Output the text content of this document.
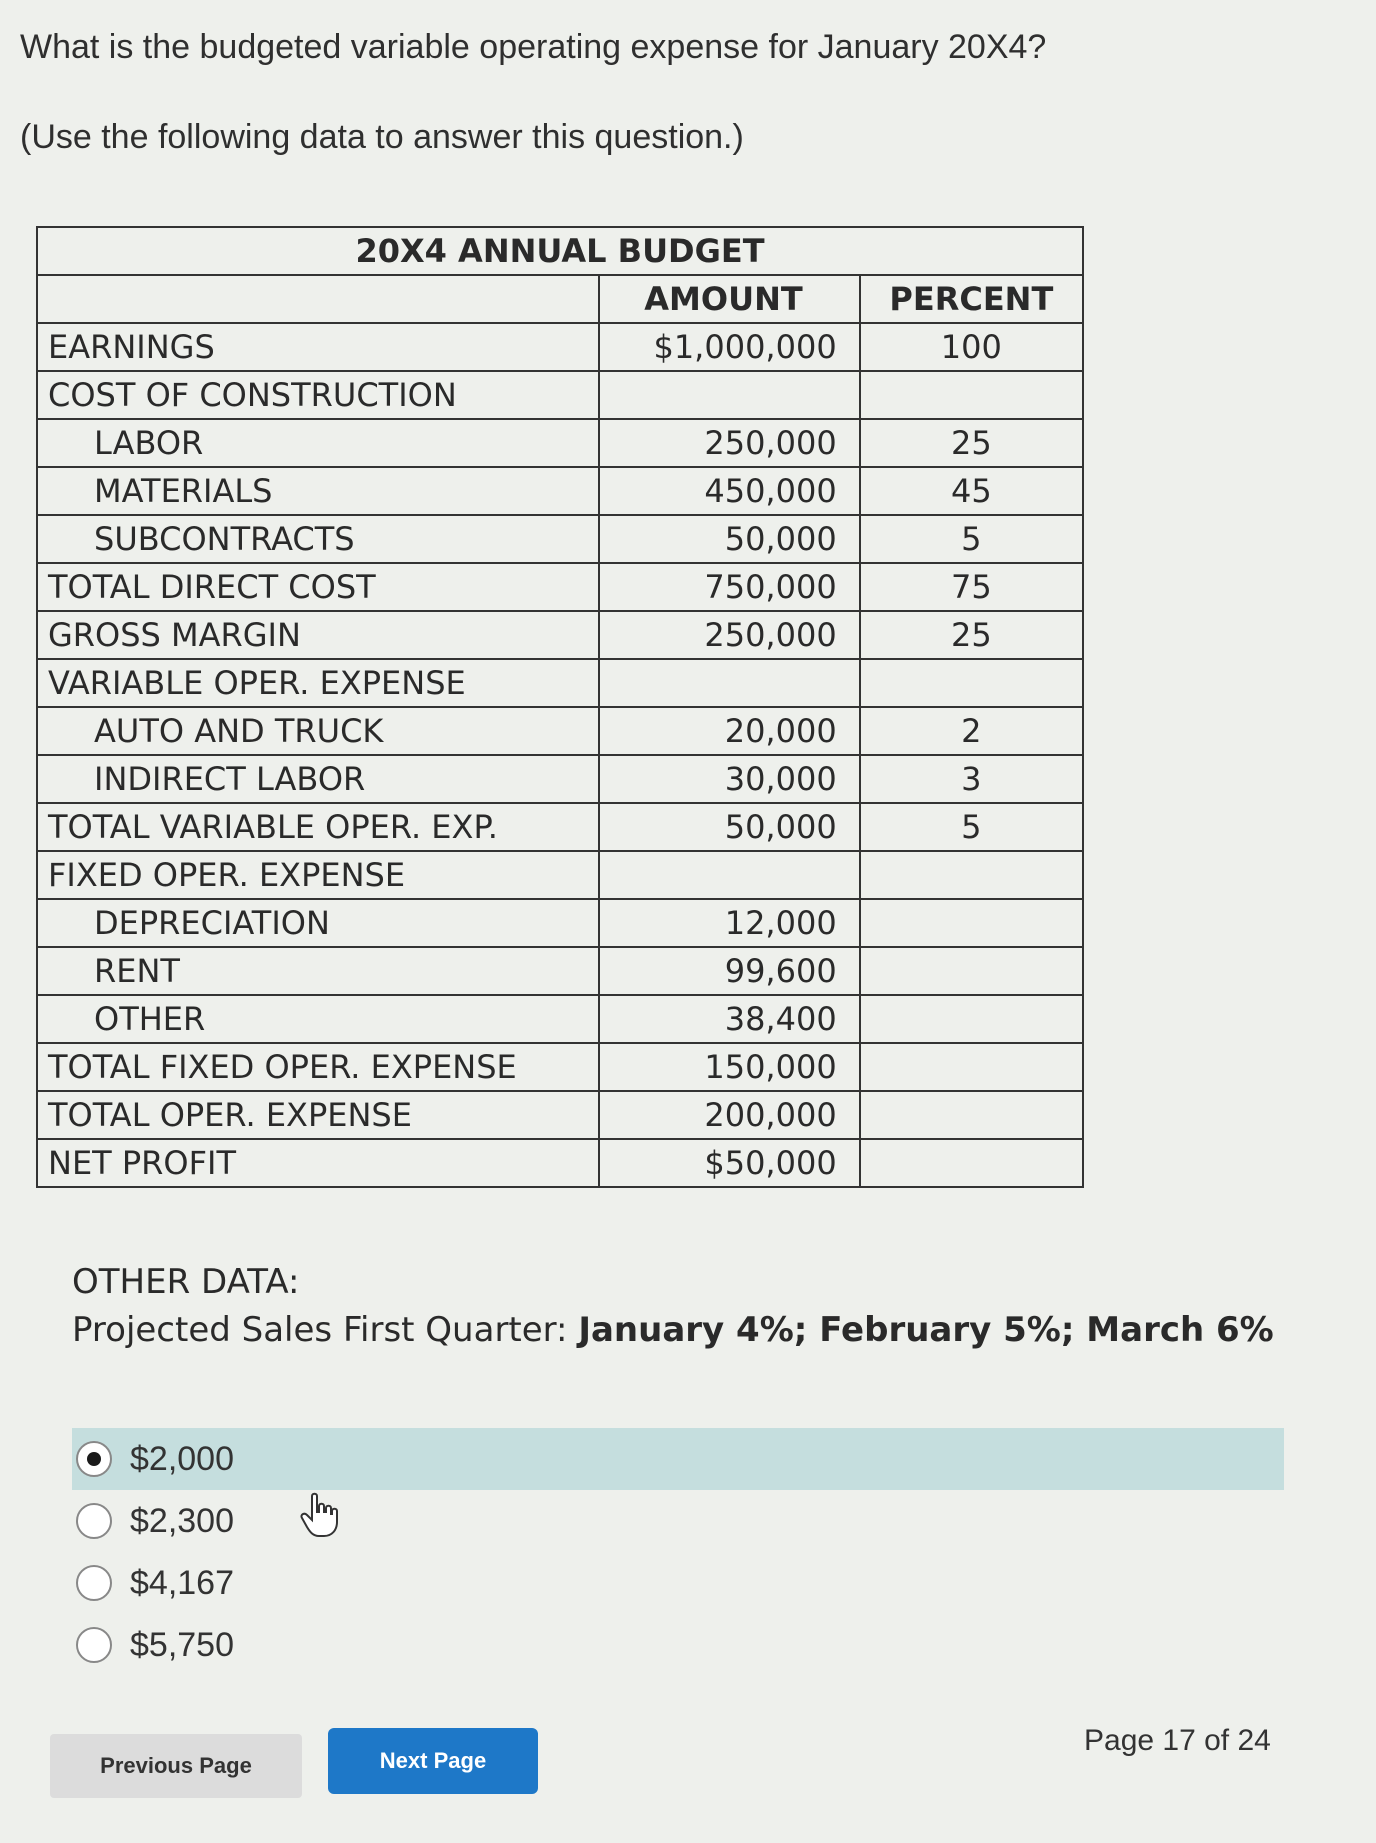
What is the budgeted variable operating expense for January 20X4?
(Use the following data to answer this question.)
20X4 ANNUAL BUDGET		
	AMOUNT	PERCENT
EARNINGS	$1,000,000	100
COST OF CONSTRUCTION		
LABOR	250,000	25
MATERIALS	450,000	45
SUBCONTRACTS	50,000	5
TOTAL DIRECT COST	750,000	75
GROSS MARGIN	250,000	25
VARIABLE OPER. EXPENSE		
AUTO AND TRUCK	20,000	2
INDIRECT LABOR	30,000	3
TOTAL VARIABLE OPER. EXP.	50,000	5
FIXED OPER. EXPENSE		
DEPRECIATION	12,000	
RENT	99,600	
OTHER	38,400	
TOTAL FIXED OPER. EXPENSE	150,000	
TOTAL OPER. EXPENSE	200,000	
NET PROFIT	$50,000	
OTHER DATA:
Projected Sales First Quarter: January 4%; February 5%; March 6%
$2,000
$2,300
$4,167
$5,750
Previous Page	Next Page
Page 17 of 24
